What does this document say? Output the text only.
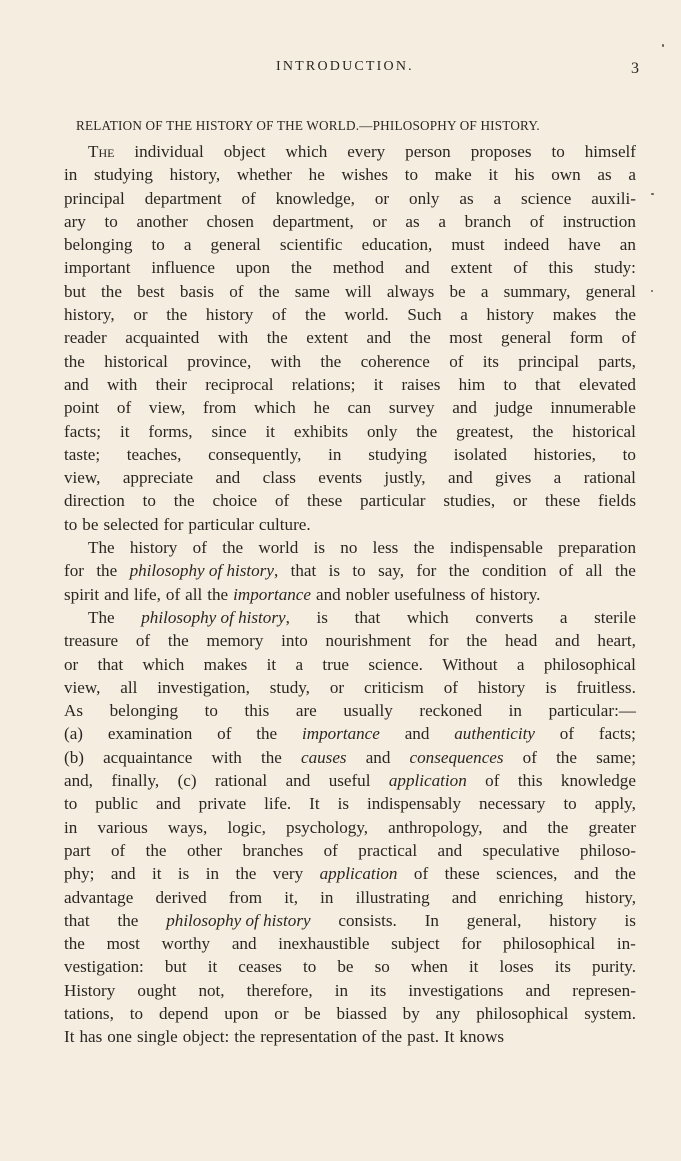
INTRODUCTION.	3
RELATION OF THE HISTORY OF THE WORLD.—PHILOSOPHY OF HISTORY.
The individual object which every person proposes to himself
in studying history, whether he wishes to make it his own as a
principal department of knowledge, or only as a science auxili-
ary to another chosen department, or as a branch of instruction
belonging to a general scientific education, must indeed have an
important influence upon the method and extent of this study:
but the best basis of the same will always be a summary, general
history, or the history of the world. Such a history makes the
reader acquainted with the extent and the most general form of
the historical province, with the coherence of its principal parts,
and with their reciprocal relations; it raises him to that elevated
point of view, from which he can survey and judge innumerable
facts; it forms, since it exhibits only the greatest, the historical
taste; teaches, consequently, in studying isolated histories, to
view, appreciate and class events justly, and gives a rational
direction to the choice of these particular studies, or these fields
to be selected for particular culture.
The history of the world is no less the indispensable preparation
for the philosophy of history, that is to say, for the condition of all the
spirit and life, of all the importance and nobler usefulness of history.
The philosophy of history, is that which converts a sterile
treasure of the memory into nourishment for the head and heart,
or that which makes it a true science. Without a philosophical
view, all investigation, study, or criticism of history is fruitless.
As belonging to this are usually reckoned in particular:—
(a) examination of the importance and authenticity of facts;
(b) acquaintance with the causes and consequences of the same;
and, finally, (c) rational and useful application of this knowledge
to public and private life. It is indispensably necessary to apply,
in various ways, logic, psychology, anthropology, and the greater
part of the other branches of practical and speculative philoso-
phy; and it is in the very application of these sciences, and the
advantage derived from it, in illustrating and enriching history,
that the philosophy of history consists. In general, history is
the most worthy and inexhaustible subject for philosophical in-
vestigation: but it ceases to be so when it loses its purity.
History ought not, therefore, in its investigations and represen-
tations, to depend upon or be biassed by any philosophical system.
It has one single object: the representation of the past. It knows
